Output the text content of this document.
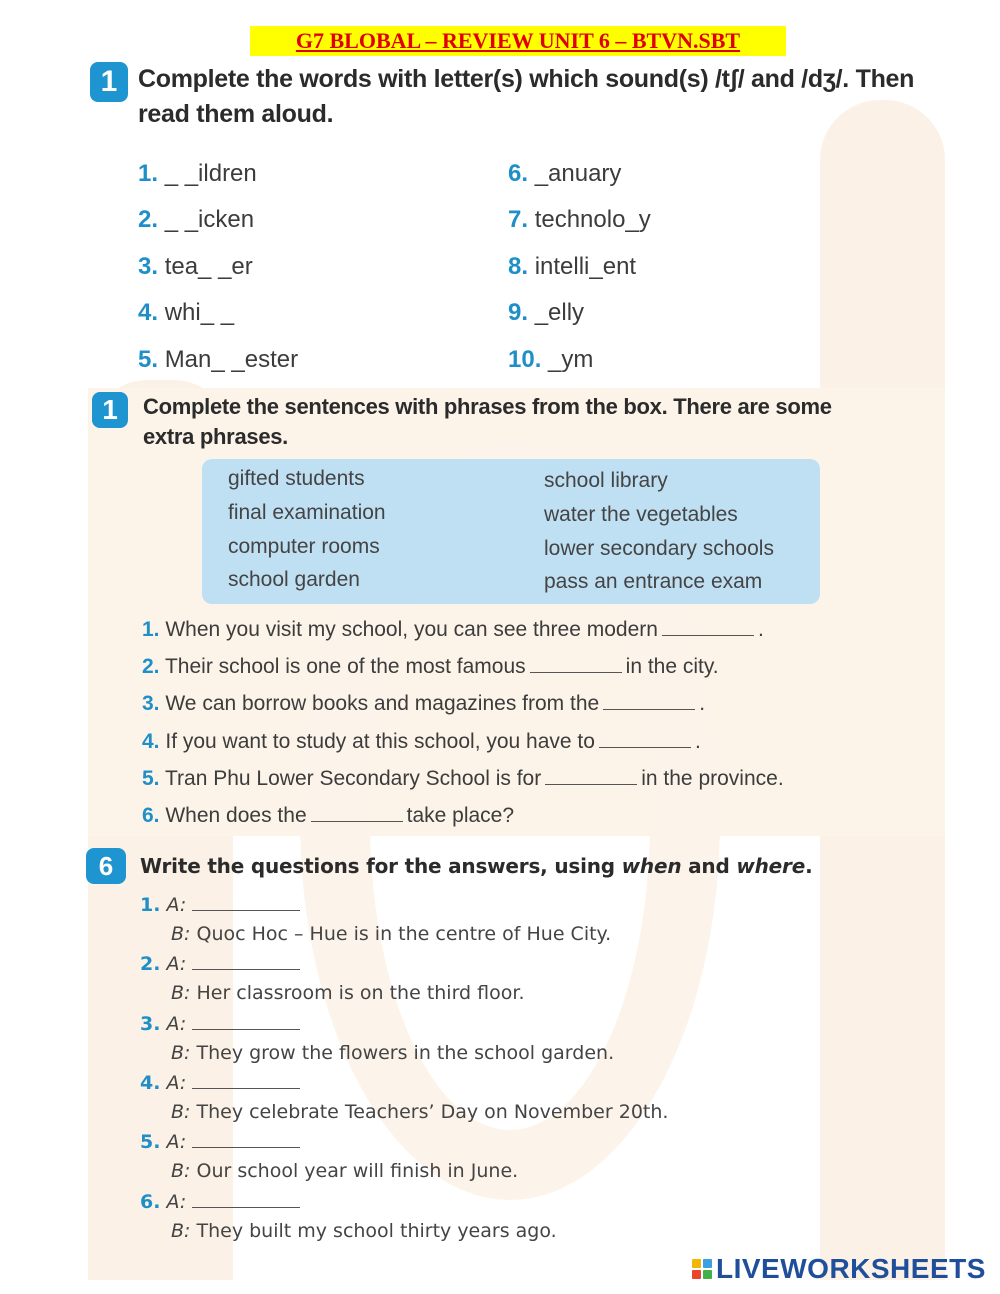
G7 BLOBAL – REVIEW UNIT 6 – BTVN.SBT
1 Complete the words with letter(s) which sound(s) /tʃ/ and /dʒ/. Then
read them aloud.
1. _ _ildren
2. _ _icken
3. tea_ _er
4. whi_ _
5. Man_ _ester
6. _anuary
7. technolo_y
8. intelli_ent
9. _elly
10. _ym
1	Complete the sentences with phrases from the box. There are some
extra phrases.
gifted students
final examination
computer rooms
school garden
school library
water the vegetables
lower secondary schools
pass an entrance exam
1. When you visit my school, you can see three modern	.
2. Their school is one of the most famous	in the city.
3. We can borrow books and magazines from the	.
4. If you want to study at this school, you have to	.
5. Tran Phu Lower Secondary School is for	in the province.
6. When does the	take place?
6	Write the questions for the answers, using when and where.
1. A:
B: Quoc Hoc – Hue is in the centre of Hue City.
2. A:
B: Her classroom is on the third floor.
3. A:
B: They grow the flowers in the school garden.
4. A:
B: They celebrate Teachers’ Day on November 20th.
5. A:
B: Our school year will finish in June.
6. A:
B: They built my school thirty years ago.
LIVEWORKSHEETS
